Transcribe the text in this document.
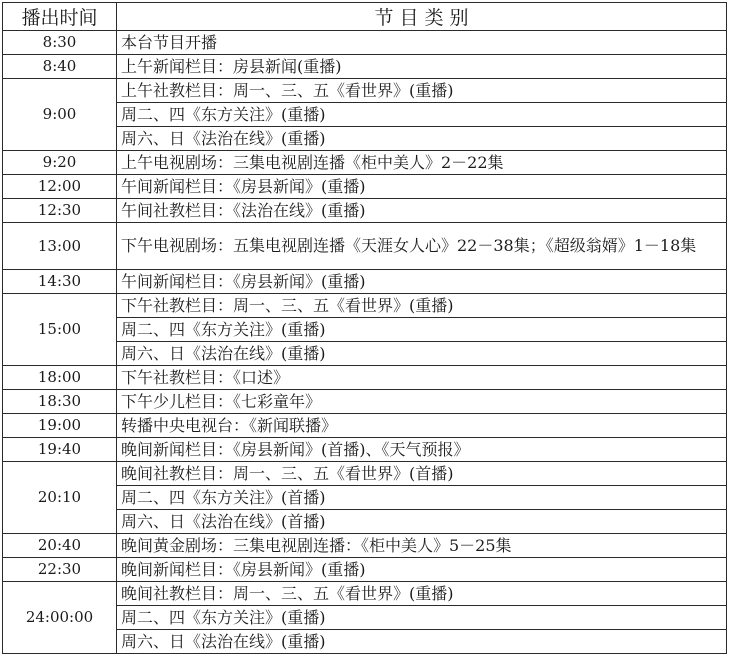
播出时间	节 目 类 别
8:30	本台节目开播
8:40	上午新闻栏目：房县新闻(重播)
9:00	上午社教栏目：周一、三、五《看世界》(重播)
	周二、四《东方关注》(重播)
	周六、日《法治在线》(重播)
9:20	上午电视剧场：三集电视剧连播《柜中美人》2－22集
12:00	午间新闻栏目：《房县新闻》(重播)
12:30	午间社教栏目：《法治在线》(重播)
13:00	下午电视剧场：五集电视剧连播《天涯女人心》22－38集；《超级翁婿》1－18集
14:30	午间新闻栏目：《房县新闻》(重播)
15:00	下午社教栏目：周一、三、五《看世界》(重播)
	周二、四《东方关注》(重播)
	周六、日《法治在线》(重播)
18:00	下午社教栏目：《口述》
18:30	下午少儿栏目：《七彩童年》
19:00	转播中央电视台：《新闻联播》
19:40	晚间新闻栏目：《房县新闻》(首播)、《天气预报》
20:10	晚间社教栏目：周一、三、五《看世界》(首播)
	周二、四《东方关注》(首播)
	周六、日《法治在线》(首播)
20:40	晚间黄金剧场：三集电视剧连播：《柜中美人》5－25集
22:30	晚间新闻栏目：《房县新闻》(重播)
24:00:00	晚间社教栏目：周一、三、五《看世界》(重播)
	周二、四《东方关注》(重播)
	周六、日《法治在线》(重播)
